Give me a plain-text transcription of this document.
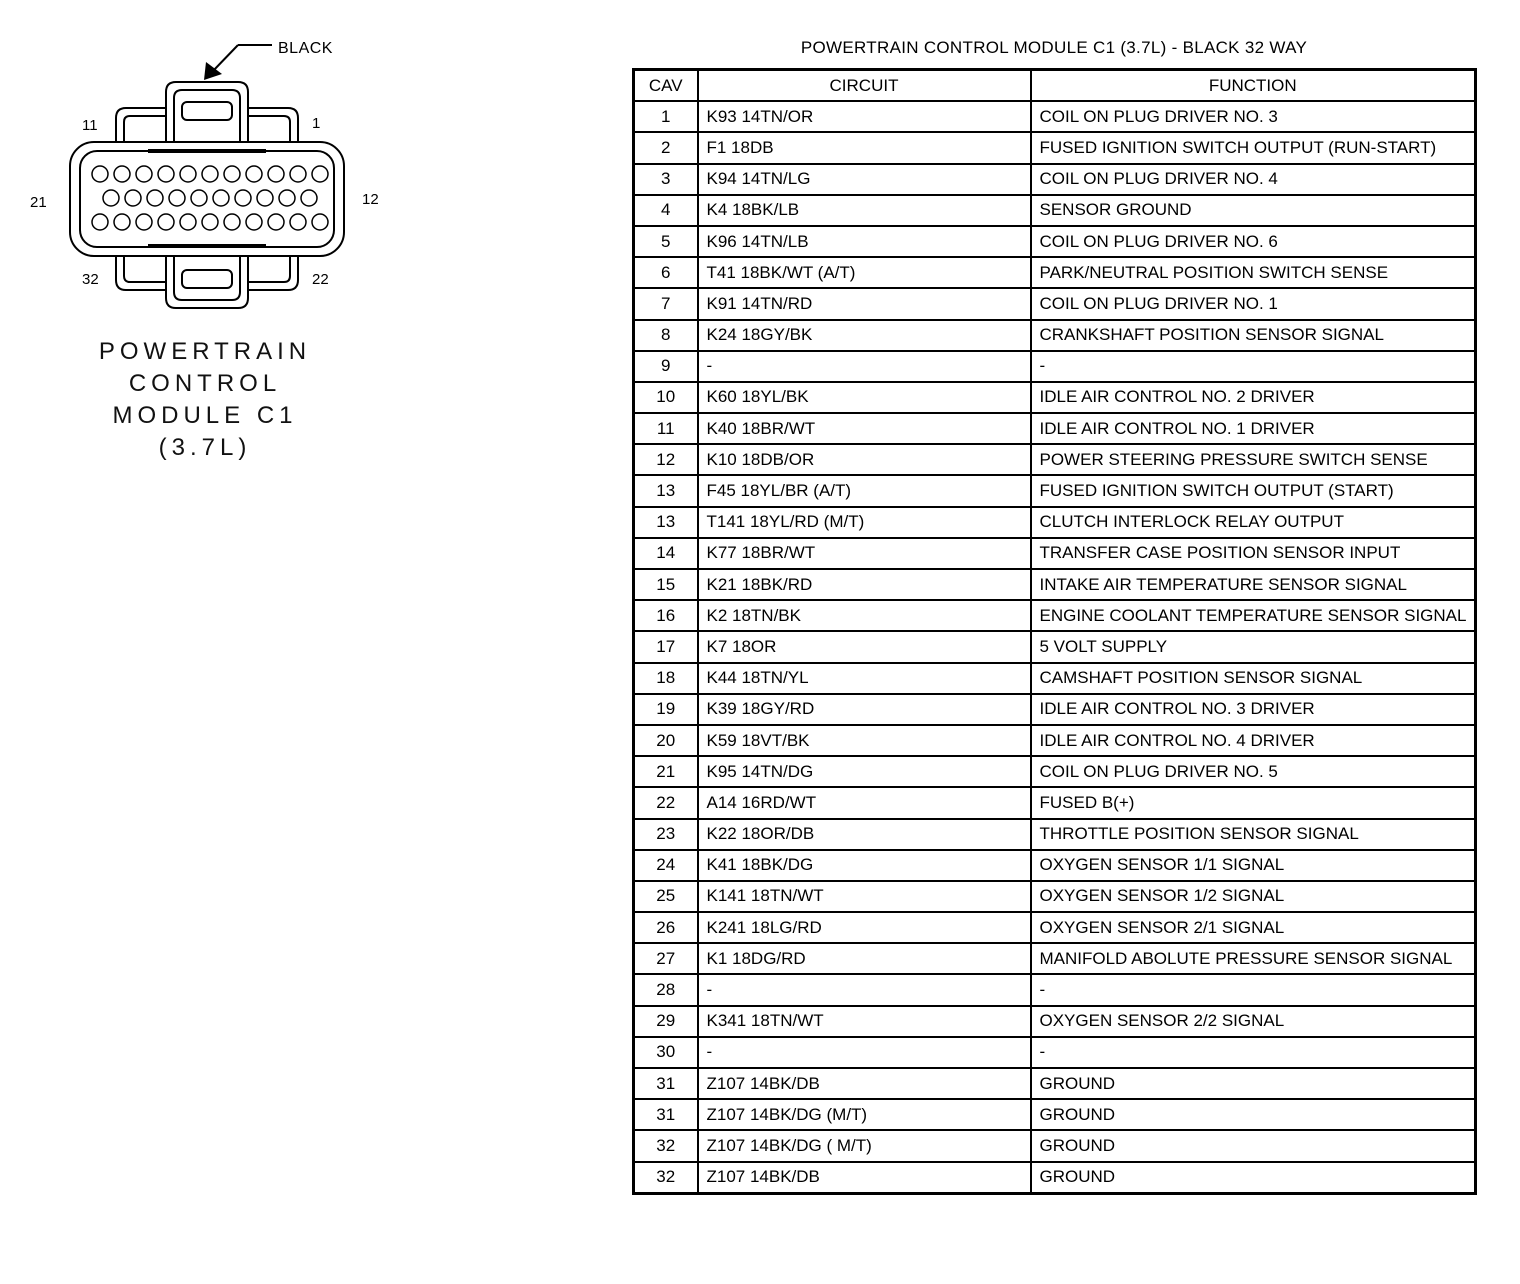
BLACK
11	1
21	12
32	22
POWERTRAIN
CONTROL
MODULE C1
(3.7L)
POWERTRAIN CONTROL MODULE C1 (3.7L) - BLACK 32 WAY
CAV	CIRCUIT	FUNCTION
1	K93 14TN/OR	COIL ON PLUG DRIVER NO. 3
2	F1 18DB	FUSED IGNITION SWITCH OUTPUT (RUN-START)
3	K94 14TN/LG	COIL ON PLUG DRIVER NO. 4
4	K4 18BK/LB	SENSOR GROUND
5	K96 14TN/LB	COIL ON PLUG DRIVER NO. 6
6	T41 18BK/WT (A/T)	PARK/NEUTRAL POSITION SWITCH SENSE
7	K91 14TN/RD	COIL ON PLUG DRIVER NO. 1
8	K24 18GY/BK	CRANKSHAFT POSITION SENSOR SIGNAL
9	-	-
10	K60 18YL/BK	IDLE AIR CONTROL NO. 2 DRIVER
11	K40 18BR/WT	IDLE AIR CONTROL NO. 1 DRIVER
12	K10 18DB/OR	POWER STEERING PRESSURE SWITCH SENSE
13	F45 18YL/BR (A/T)	FUSED IGNITION SWITCH OUTPUT (START)
13	T141 18YL/RD (M/T)	CLUTCH INTERLOCK RELAY OUTPUT
14	K77 18BR/WT	TRANSFER CASE POSITION SENSOR INPUT
15	K21 18BK/RD	INTAKE AIR TEMPERATURE SENSOR SIGNAL
16	K2 18TN/BK	ENGINE COOLANT TEMPERATURE SENSOR SIGNAL
17	K7 18OR	5 VOLT SUPPLY
18	K44 18TN/YL	CAMSHAFT POSITION SENSOR SIGNAL
19	K39 18GY/RD	IDLE AIR CONTROL NO. 3 DRIVER
20	K59 18VT/BK	IDLE AIR CONTROL NO. 4 DRIVER
21	K95 14TN/DG	COIL ON PLUG DRIVER NO. 5
22	A14 16RD/WT	FUSED B(+)
23	K22 18OR/DB	THROTTLE POSITION SENSOR SIGNAL
24	K41 18BK/DG	OXYGEN SENSOR 1/1 SIGNAL
25	K141 18TN/WT	OXYGEN SENSOR 1/2 SIGNAL
26	K241 18LG/RD	OXYGEN SENSOR 2/1 SIGNAL
27	K1 18DG/RD	MANIFOLD ABOLUTE PRESSURE SENSOR SIGNAL
28	-	-
29	K341 18TN/WT	OXYGEN SENSOR 2/2 SIGNAL
30	-	-
31	Z107 14BK/DB	GROUND
31	Z107 14BK/DG (M/T)	GROUND
32	Z107 14BK/DG ( M/T)	GROUND
32	Z107 14BK/DB	GROUND
